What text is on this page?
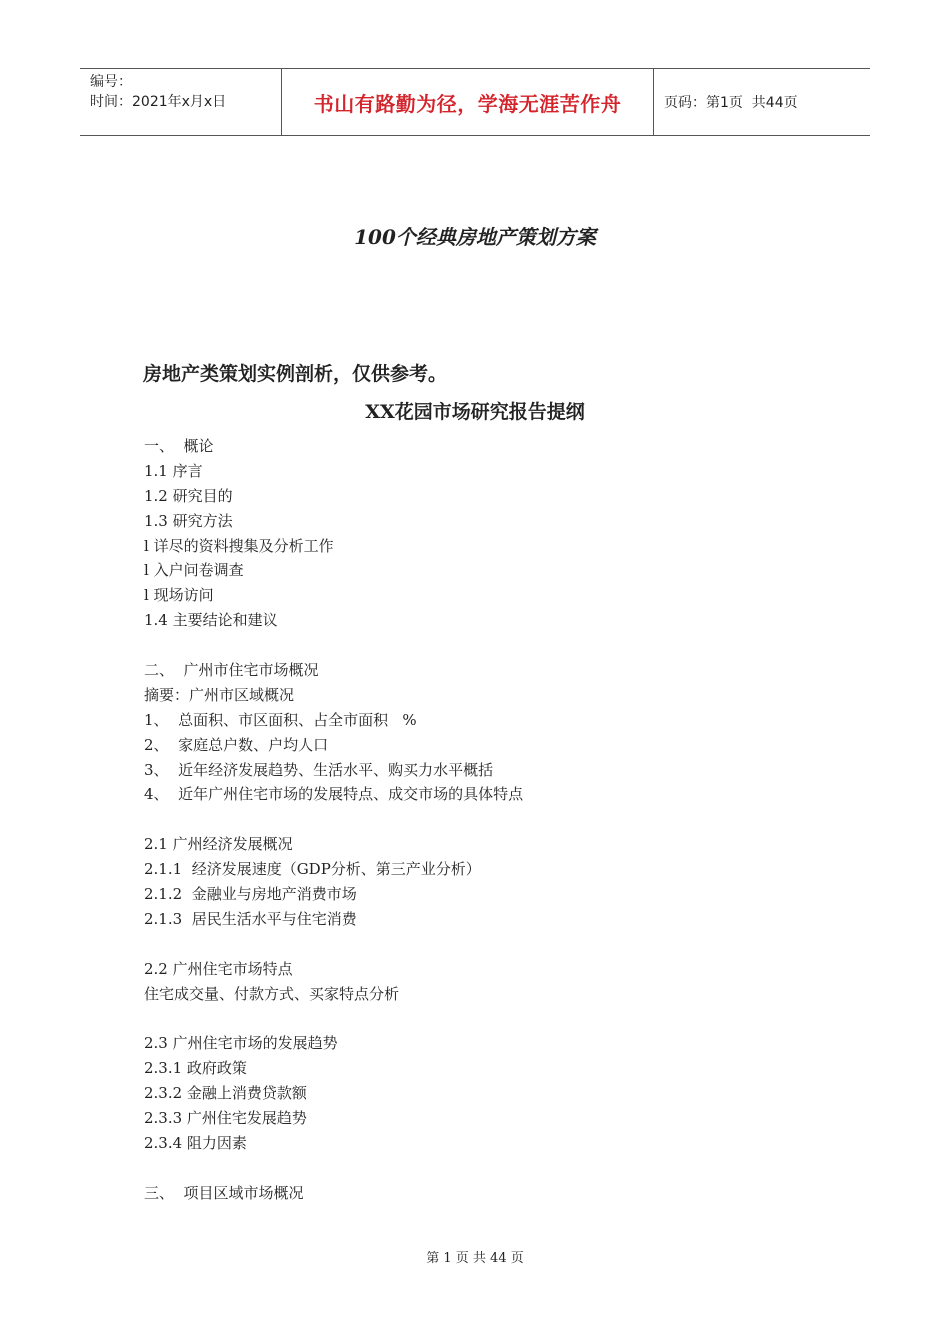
编号：
时间：2021年x月x日	书山有路勤为径，学海无涯苦作舟	页码：第1页  共44页
100个经典房地产策划方案
房地产类策划实例剖析，仅供参考。
XX花园市场研究报告提纲
一、  概论
1.1 序言
1.2 研究目的
1.3 研究方法
l 详尽的资料搜集及分析工作
l 入户问卷调查
l 现场访问
1.4 主要结论和建议
二、  广州市住宅市场概况
摘要：广州市区域概况
1、  总面积、市区面积、占全市面积   %
2、  家庭总户数、户均人口
3、  近年经济发展趋势、生活水平、购买力水平概括
4、  近年广州住宅市场的发展特点、成交市场的具体特点
2.1 广州经济发展概况
2.1.1  经济发展速度（GDP分析、第三产业分析）
2.1.2  金融业与房地产消费市场
2.1.3  居民生活水平与住宅消费
2.2 广州住宅市场特点
住宅成交量、付款方式、买家特点分析
2.3 广州住宅市场的发展趋势
2.3.1 政府政策
2.3.2 金融上消费贷款额
2.3.3 广州住宅发展趋势
2.3.4 阻力因素
三、  项目区域市场概况
第 1 页 共 44 页
